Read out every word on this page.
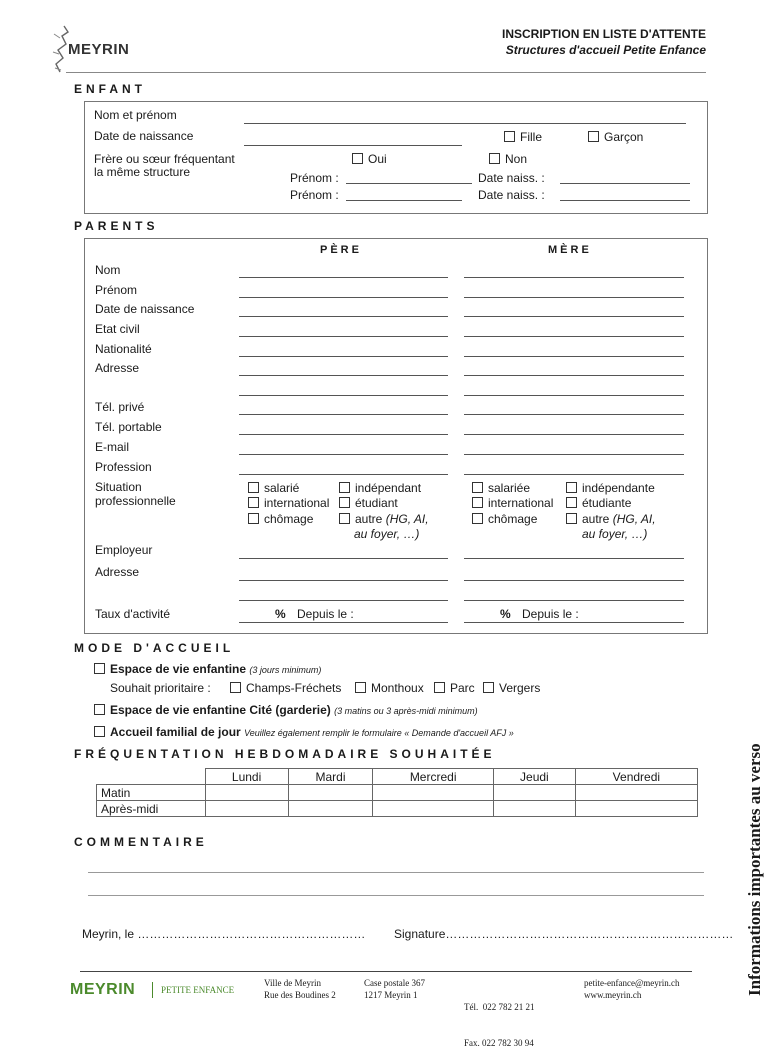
MEYRIN
INSCRIPTION EN LISTE D'ATTENTE
Structures d'accueil Petite Enfance
ENFANT
Nom et prénom
Date de naissance	Fille	Garçon
Frère ou sœur fréquentant
la même structure
Oui	Non
Prénom :	Date naiss. :
Prénom :	Date naiss. :
PARENTS
PÈRE	MÈRE
Nom
Prénom
Date de naissance
Etat civil
Nationalité
Adresse
Tél. privé
Tél. portable
E-mail
Profession
Situation
professionnelle
salarié	indépendant
international	étudiant
chômage	autre (HG, AI,
au foyer, …)
salariée	indépendante
international	étudiante
chômage	autre (HG, AI,
au foyer, …)
Employeur
Adresse
Taux d'activité	% Depuis le :	% Depuis le :
MODE D'ACCUEIL
Espace de vie enfantine (3 jours minimum)
Souhait prioritaire :	Champs-Fréchets	Monthoux	Parc	Vergers
Espace de vie enfantine Cité (garderie) (3 matins ou 3 après-midi minimum)
Accueil familial de jour Veuillez également remplir le formulaire « Demande d'accueil AFJ »
FRÉQUENTATION HEBDOMADAIRE SOUHAITÉE
	Lundi	Mardi	Mercredi	Jeudi	Vendredi
Matin					
Après-midi					
COMMENTAIRE
Meyrin, le ………………………………………………… Signature……………………………………………………………… Informations importantes au verso
MEYRIN	PETITE ENFANCE
Ville de Meyrin
Rue des Boudines 2
Case postale 367
1217 Meyrin 1

Tél.  022 782 21 21

Fax. 022 782 30 94

petite-enfance@meyrin.ch
www.meyrin.ch
